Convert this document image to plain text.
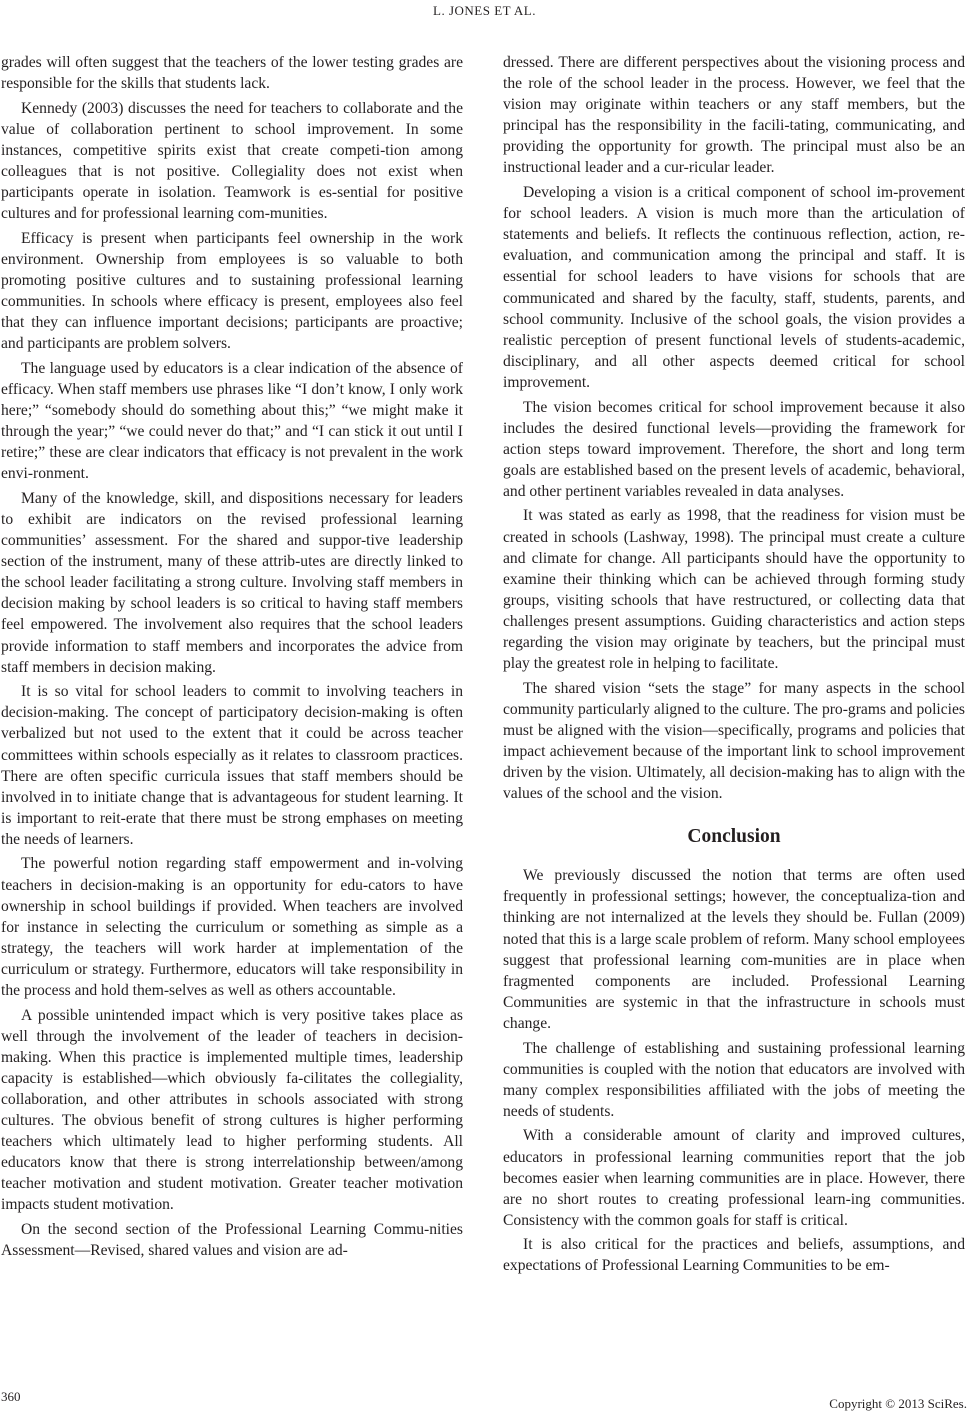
L. JONES ET AL.

grades will often suggest that the teachers of the lower testing grades are responsible for the skills that students lack.

Kennedy (2003) discusses the need for teachers to collaborate and the value of collaboration pertinent to school improvement. In some instances, competitive spirits exist that create competi-tion among colleagues that is not positive. Collegiality does not exist when participants operate in isolation. Teamwork is es-sential for positive cultures and for professional learning com-munities.

Efficacy is present when participants feel ownership in the work environment. Ownership from employees is so valuable to both promoting positive cultures and to sustaining professional learning communities. In schools where efficacy is present, employees also feel that they can influence important decisions; participants are proactive; and participants are problem solvers.

The language used by educators is a clear indication of the absence of efficacy. When staff members use phrases like “I don’t know, I only work here;” “somebody should do something about this;” “we might make it through the year;” “we could never do that;” and “I can stick it out until I retire;” these are clear indicators that efficacy is not prevalent in the work envi-ronment.

Many of the knowledge, skill, and dispositions necessary for leaders to exhibit are indicators on the revised professional learning communities’ assessment. For the shared and suppor-tive leadership section of the instrument, many of these attrib-utes are directly linked to the school leader facilitating a strong culture. Involving staff members in decision making by school leaders is so critical to having staff members feel empowered. The involvement also requires that the school leaders provide information to staff members and incorporates the advice from staff members in decision making.

It is so vital for school leaders to commit to involving teachers in decision-making. The concept of participatory decision-making is often verbalized but not used to the extent that it could be across teacher committees within schools especially as it relates to classroom practices. There are often specific curricula issues that staff members should be involved in to initiate change that is advantageous for student learning. It is important to reit-erate that there must be strong emphases on meeting the needs of learners.

The powerful notion regarding staff empowerment and in-volving teachers in decision-making is an opportunity for edu-cators to have ownership in school buildings if provided. When teachers are involved for instance in selecting the curriculum or something as simple as a strategy, the teachers will work harder at implementation of the curriculum or strategy. Furthermore, educators will take responsibility in the process and hold them-selves as well as others accountable.

A possible unintended impact which is very positive takes place as well through the involvement of the leader of teachers in decision-making. When this practice is implemented multiple times, leadership capacity is established—which obviously fa-cilitates the collegiality, collaboration, and other attributes in schools associated with strong cultures. The obvious benefit of strong cultures is higher performing teachers which ultimately lead to higher performing students. All educators know that there is strong interrelationship between/among teacher motivation and student motivation. Greater teacher motivation impacts student motivation.

On the second section of the Professional Learning Commu-nities Assessment—Revised, shared values and vision are ad-

dressed. There are different perspectives about the visioning process and the role of the school leader in the process. However, we feel that the vision may originate within teachers or any staff members, but the principal has the responsibility in the facili-tating, communicating, and providing the opportunity for growth. The principal must also be an instructional leader and a cur-ricular leader.

Developing a vision is a critical component of school im-provement for school leaders. A vision is much more than the articulation of statements and beliefs. It reflects the continuous reflection, action, re-evaluation, and communication among the principal and staff. It is essential for school leaders to have visions for schools that are communicated and shared by the faculty, staff, students, parents, and school community. Inclusive of the school goals, the vision provides a realistic perception of present functional levels of students-academic, disciplinary, and all other aspects deemed critical for school improvement.

The vision becomes critical for school improvement because it also includes the desired functional levels—providing the framework for action steps toward improvement. Therefore, the short and long term goals are established based on the present levels of academic, behavioral, and other pertinent variables revealed in data analyses.

It was stated as early as 1998, that the readiness for vision must be created in schools (Lashway, 1998). The principal must create a culture and climate for change. All participants should have the opportunity to examine their thinking which can be achieved through forming study groups, visiting schools that have restructured, or collecting data that challenges present assumptions. Guiding characteristics and action steps regarding the vision may originate by teachers, but the principal must play the greatest role in helping to facilitate.

The shared vision “sets the stage” for many aspects in the school community particularly aligned to the culture. The pro-grams and policies must be aligned with the vision—specifically, programs and policies that impact achievement because of the important link to school improvement driven by the vision. Ultimately, all decision-making has to align with the values of the school and the vision.

Conclusion

We previously discussed the notion that terms are often used frequently in professional settings; however, the conceptualiza-tion and thinking are not internalized at the levels they should be. Fullan (2009) noted that this is a large scale problem of reform. Many school employees suggest that professional learning com-munities are in place when fragmented components are included. Professional Learning Communities are systemic in that the infrastructure in schools must change.

The challenge of establishing and sustaining professional learning communities is coupled with the notion that educators are involved with many complex responsibilities affiliated with the jobs of meeting the needs of students.

With a considerable amount of clarity and improved cultures, educators in professional learning communities report that the job becomes easier when learning communities are in place. However, there are no short routes to creating professional learn-ing communities. Consistency with the common goals for staff is critical.

It is also critical for the practices and beliefs, assumptions, and expectations of Professional Learning Communities to be em-

360	Copyright © 2013 SciRes.
